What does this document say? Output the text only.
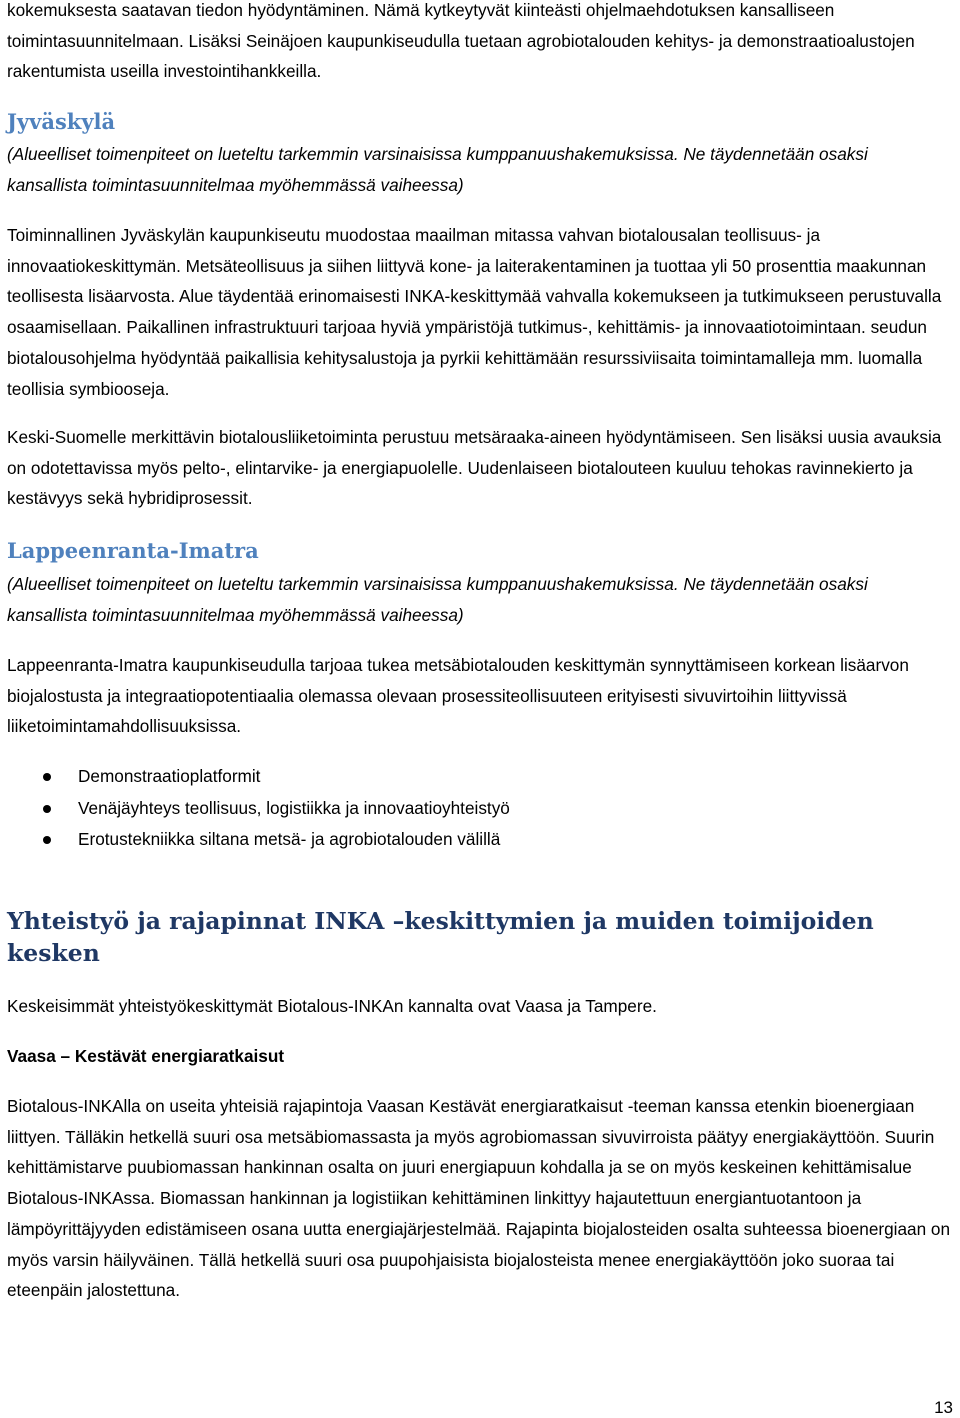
kokemuksesta saatavan tiedon hyödyntäminen. Nämä kytkeytyvät kiinteästi ohjelmaehdotuksen kansalliseen toimintasuunnitelmaan. Lisäksi Seinäjoen kaupunkiseudulla tuetaan agrobiotalouden kehitys- ja demonstraatioalustojen rakentumista useilla investointihankkeilla.

Jyväskylä

(Alueelliset toimenpiteet on lueteltu tarkemmin varsinaisissa kumppanuushakemuksissa. Ne täydennetään osaksi kansallista toimintasuunnitelmaa myöhemmässä vaiheessa)

Toiminnallinen Jyväskylän kaupunkiseutu muodostaa maailman mitassa vahvan biotalousalan teollisuus- ja innovaatiokeskittymän. Metsäteollisuus ja siihen liittyvä kone- ja laiterakentaminen ja tuottaa yli 50 prosenttia maakunnan teollisesta lisäarvosta. Alue täydentää erinomaisesti INKA-keskittymää vahvalla kokemukseen ja tutkimukseen perustuvalla osaamisellaan. Paikallinen infrastruktuuri tarjoaa hyviä ympäristöjä tutkimus-, kehittämis- ja innovaatiotoimintaan. seudun biotalousohjelma hyödyntää paikallisia kehitysalustoja ja pyrkii kehittämään resurssiviisaita toimintamalleja mm. luomalla teollisia symbiooseja.

Keski-Suomelle merkittävin biotalousliiketoiminta perustuu metsäraaka-aineen hyödyntämiseen. Sen lisäksi uusia avauksia on odotettavissa myös pelto-, elintarvike- ja energiapuolelle. Uudenlaiseen biotalouteen kuuluu tehokas ravinnekierto ja kestävyys sekä hybridiprosessit.

Lappeenranta-Imatra

(Alueelliset toimenpiteet on lueteltu tarkemmin varsinaisissa kumppanuushakemuksissa. Ne täydennetään osaksi kansallista toimintasuunnitelmaa myöhemmässä vaiheessa)

Lappeenranta-Imatra kaupunkiseudulla tarjoaa tukea metsäbiotalouden keskittymän synnyttämiseen korkean lisäarvon biojalostusta ja integraatiopotentiaalia olemassa olevaan prosessiteollisuuteen erityisesti sivuvirtoihin liittyvissä liiketoimintamahdollisuuksissa.

Demonstraatioplatformit
Venäjäyhteys teollisuus, logistiikka ja innovaatioyhteistyö
Erotustekniikka siltana metsä- ja agrobiotalouden välillä
Yhteistyö ja rajapinnat INKA –keskittymien ja muiden toimijoiden kesken

Keskeisimmät yhteistyökeskittymät Biotalous-INKAn kannalta ovat Vaasa ja Tampere.

Vaasa – Kestävät energiaratkaisut

Biotalous-INKAlla on useita yhteisiä rajapintoja Vaasan Kestävät energiaratkaisut -teeman kanssa etenkin bioenergiaan liittyen. Tälläkin hetkellä suuri osa metsäbiomassasta ja myös agrobiomassan sivuvirroista päätyy energiakäyttöön. Suurin kehittämistarve puubiomassan hankinnan osalta on juuri energiapuun kohdalla ja se on myös keskeinen kehittämisalue Biotalous-INKAssa. Biomassan hankinnan ja logistiikan kehittäminen linkittyy hajautettuun energiantuotantoon ja lämpöyrittäjyyden edistämiseen osana uutta energiajärjestelmää. Rajapinta biojalosteiden osalta suhteessa bioenergiaan on myös varsin häilyväinen. Tällä hetkellä suuri osa puupohjaisista biojalosteista menee energiakäyttöön joko suoraa tai eteenpäin jalostettuna.

13
